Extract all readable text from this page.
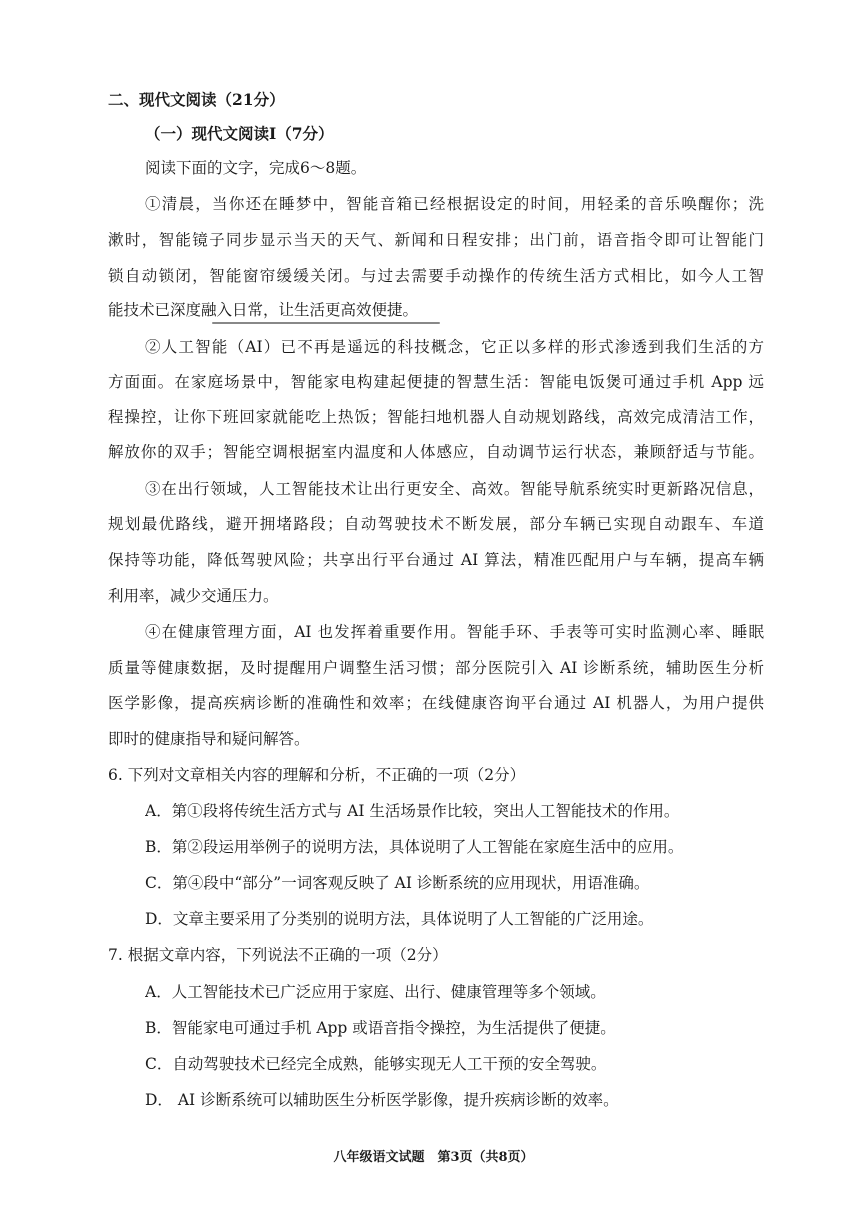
二、现代文阅读（21分）
（一）现代文阅读Ⅰ（7分）
阅读下面的文字，完成6～8题。
①清晨，当你还在睡梦中，智能音箱已经根据设定的时间，用轻柔的音乐唤醒你；洗
漱时，智能镜子同步显示当天的天气、新闻和日程安排；出门前，语音指令即可让智能门
锁自动锁闭，智能窗帘缓缓关闭。与过去需要手动操作的传统生活方式相比，如今人工智
能技术已深度融入日常，让生活更高效便捷。
②人工智能（AI）已不再是遥远的科技概念，它正以多样的形式渗透到我们生活的方
方面面。在家庭场景中，智能家电构建起便捷的智慧生活：智能电饭煲可通过手机 App 远
程操控，让你下班回家就能吃上热饭；智能扫地机器人自动规划路线，高效完成清洁工作，
解放你的双手；智能空调根据室内温度和人体感应，自动调节运行状态，兼顾舒适与节能。
③在出行领域，人工智能技术让出行更安全、高效。智能导航系统实时更新路况信息，
规划最优路线，避开拥堵路段；自动驾驶技术不断发展，部分车辆已实现自动跟车、车道
保持等功能，降低驾驶风险；共享出行平台通过 AI 算法，精准匹配用户与车辆，提高车辆
利用率，减少交通压力。
④在健康管理方面，AI 也发挥着重要作用。智能手环、手表等可实时监测心率、睡眠
质量等健康数据，及时提醒用户调整生活习惯；部分医院引入 AI 诊断系统，辅助医生分析
医学影像，提高疾病诊断的准确性和效率；在线健康咨询平台通过 AI 机器人，为用户提供
即时的健康指导和疑问解答。
6. 下列对文章相关内容的理解和分析，不正确的一项（2分）
A．第①段将传统生活方式与 AI 生活场景作比较，突出人工智能技术的作用。
B．第②段运用举例子的说明方法，具体说明了人工智能在家庭生活中的应用。
C．第④段中“部分”一词客观反映了 AI 诊断系统的应用现状，用语准确。
D．文章主要采用了分类别的说明方法，具体说明了人工智能的广泛用途。
7. 根据文章内容，下列说法不正确的一项（2分）
A．人工智能技术已广泛应用于家庭、出行、健康管理等多个领域。
B．智能家电可通过手机 App 或语音指令操控，为生活提供了便捷。
C．自动驾驶技术已经完全成熟，能够实现无人工干预的安全驾驶。
D． AI 诊断系统可以辅助医生分析医学影像，提升疾病诊断的效率。
八年级语文试题　第3页（共8页）
